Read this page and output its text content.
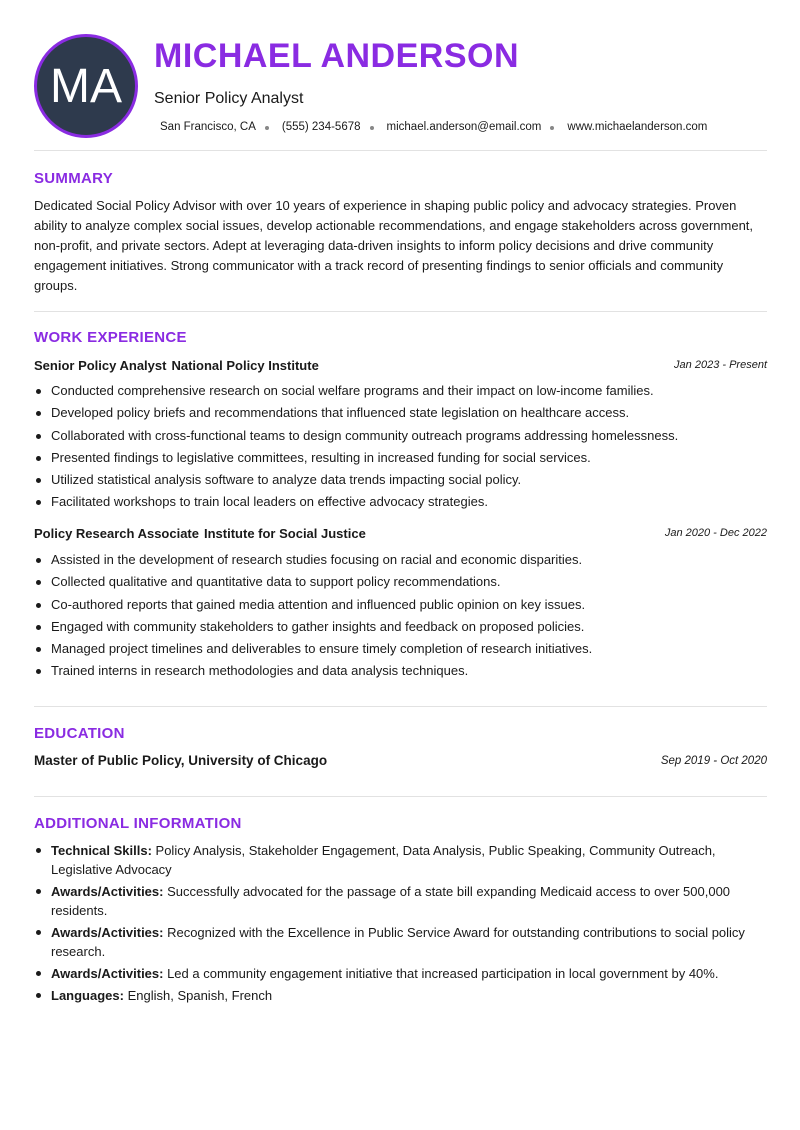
MA
MICHAEL ANDERSON
Senior Policy Analyst
San Francisco, CA (555) 234-5678 michael.anderson@email.com www.michaelanderson.com
SUMMARY
Dedicated Social Policy Advisor with over 10 years of experience in shaping public policy and advocacy strategies. Proven ability to analyze complex social issues, develop actionable recommendations, and engage stakeholders across government, non-profit, and private sectors. Adept at leveraging data-driven insights to inform policy decisions and drive community engagement initiatives. Strong communicator with a track record of presenting findings to senior officials and community groups.
WORK EXPERIENCE
Senior Policy Analyst National Policy Institute	Jan 2023 - Present
Conducted comprehensive research on social welfare programs and their impact on low-income families.
Developed policy briefs and recommendations that influenced state legislation on healthcare access.
Collaborated with cross-functional teams to design community outreach programs addressing homelessness.
Presented findings to legislative committees, resulting in increased funding for social services.
Utilized statistical analysis software to analyze data trends impacting social policy.
Facilitated workshops to train local leaders on effective advocacy strategies.
Policy Research Associate Institute for Social Justice	Jan 2020 - Dec 2022
Assisted in the development of research studies focusing on racial and economic disparities.
Collected qualitative and quantitative data to support policy recommendations.
Co-authored reports that gained media attention and influenced public opinion on key issues.
Engaged with community stakeholders to gather insights and feedback on proposed policies.
Managed project timelines and deliverables to ensure timely completion of research initiatives.
Trained interns in research methodologies and data analysis techniques.
EDUCATION
Master of Public Policy, University of Chicago	Sep 2019 - Oct 2020
ADDITIONAL INFORMATION
Technical Skills: Policy Analysis, Stakeholder Engagement, Data Analysis, Public Speaking, Community Outreach, Legislative Advocacy
Awards/Activities: Successfully advocated for the passage of a state bill expanding Medicaid access to over 500,000 residents.
Awards/Activities: Recognized with the Excellence in Public Service Award for outstanding contributions to social policy research.
Awards/Activities: Led a community engagement initiative that increased participation in local government by 40%.
Languages: English, Spanish, French
